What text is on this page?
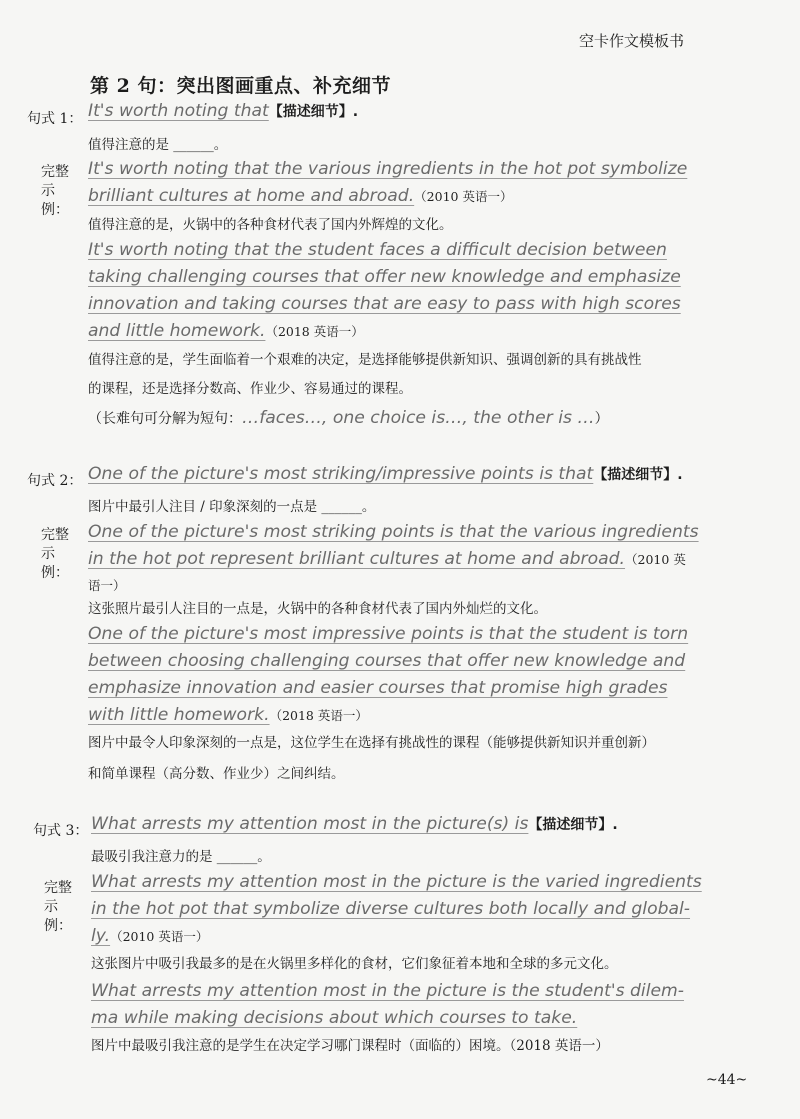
空卡作文模板书
第 2 句：突出图画重点、补充细节
句式 1： It's worth noting that【描述细节】.
值得注意的是 ______。
完整
示例：
It's worth noting that the various ingredients in the hot pot symbolize
brilliant cultures at home and abroad.（2010 英语一）
值得注意的是，火锅中的各种食材代表了国内外辉煌的文化。
It's worth noting that the student faces a difficult decision between
taking challenging courses that offer new knowledge and emphasize
innovation and taking courses that are easy to pass with high scores
and little homework.（2018 英语一）
值得注意的是，学生面临着一个艰难的决定，是选择能够提供新知识、强调创新的具有挑战性
的课程，还是选择分数高、作业少、容易通过的课程。
（长难句可分解为短句：…faces…, one choice is…, the other is …）
句式 2： One of the picture's most striking/impressive points is that【描述细节】.
图片中最引人注目 / 印象深刻的一点是 ______。
完整
示例：
One of the picture's most striking points is that the various ingredients
in the hot pot represent brilliant cultures at home and abroad.（2010 英
语一）
这张照片最引人注目的一点是，火锅中的各种食材代表了国内外灿烂的文化。
One of the picture's most impressive points is that the student is torn
between choosing challenging courses that offer new knowledge and
emphasize innovation and easier courses that promise high grades
with little homework.（2018 英语一）
图片中最令人印象深刻的一点是，这位学生在选择有挑战性的课程（能够提供新知识并重创新）
和简单课程（高分数、作业少）之间纠结。
句式 3： What arrests my attention most in the picture(s) is【描述细节】.
最吸引我注意力的是 ______。
完整
示例：
What arrests my attention most in the picture is the varied ingredients
in the hot pot that symbolize diverse cultures both locally and global-
ly.（2010 英语一）
这张图片中吸引我最多的是在火锅里多样化的食材，它们象征着本地和全球的多元文化。
What arrests my attention most in the picture is the student's dilem-
ma while making decisions about which courses to take.
图片中最吸引我注意的是学生在决定学习哪门课程时（面临的）困境。（2018 英语一）
~44~
